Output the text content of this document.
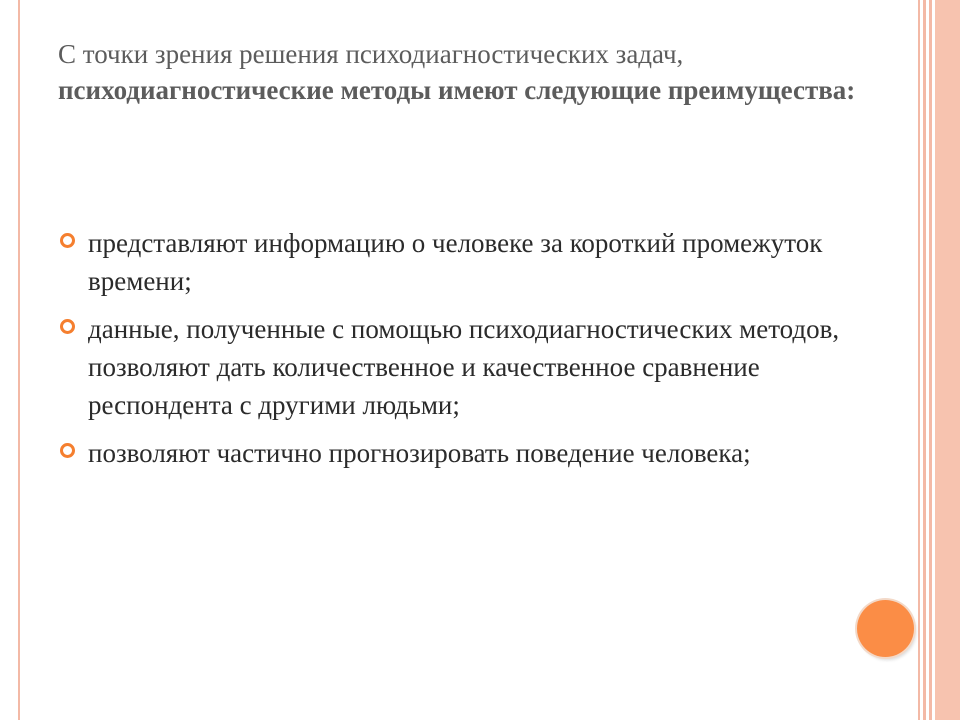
С точки зрения решения психодиагностических задач,
психодиагностические методы имеют следующие преимущества:
представляют информацию о человеке за короткий промежуток времени;
данные, полученные с помощью психодиагностических методов, позволяют дать количественное и качественное сравнение респондента с другими людьми;
позволяют частично прогнозировать поведение человека;
